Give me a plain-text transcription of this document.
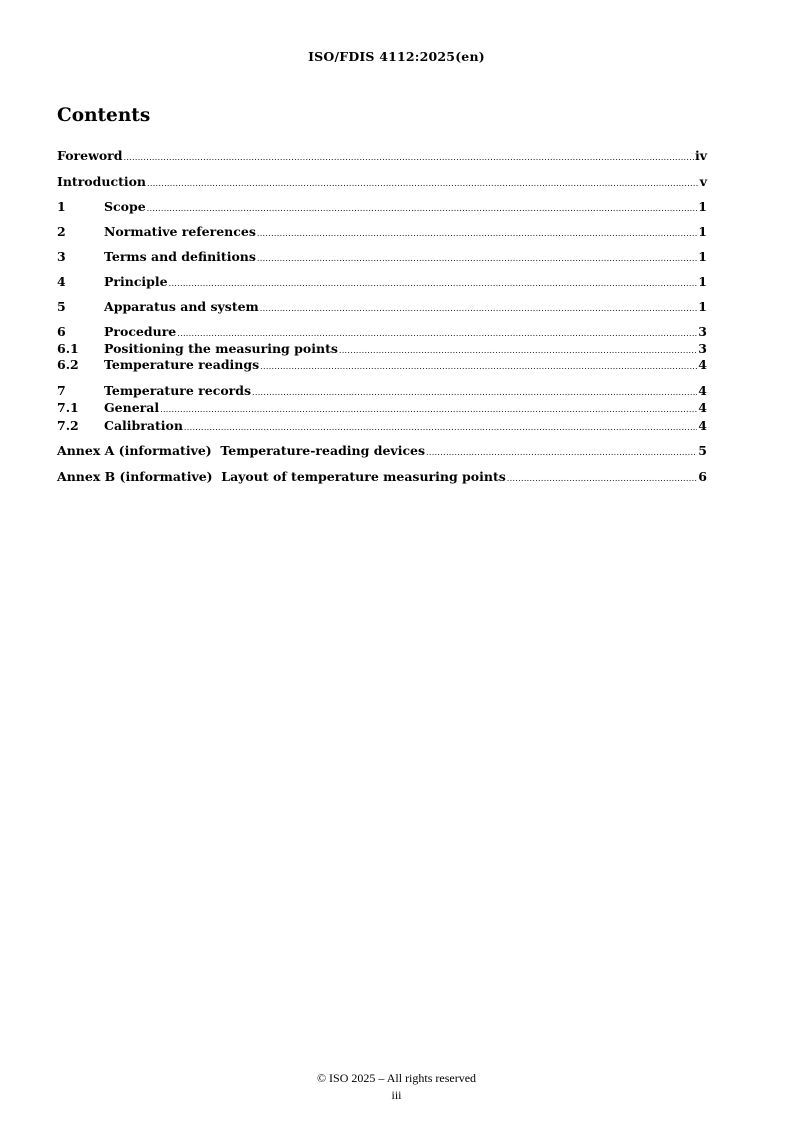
ISO/FDIS 4112:2025(en)
Contents
Foreword .....	iv
Introduction .....	v
1	Scope .....	1
2	Normative references .....	1
3	Terms and definitions .....	1
4	Principle .....	1
5	Apparatus and system .....	1
6	Procedure .....	3
6.1	Positioning the measuring points .....	3
6.2	Temperature readings .....	4
7	Temperature records .....	4
7.1	General .....	4
7.2	Calibration .....	4
Annex A (informative)  Temperature-reading devices .....	5
Annex B (informative)  Layout of temperature measuring points .....	6
© ISO 2025 – All rights reserved
iii
